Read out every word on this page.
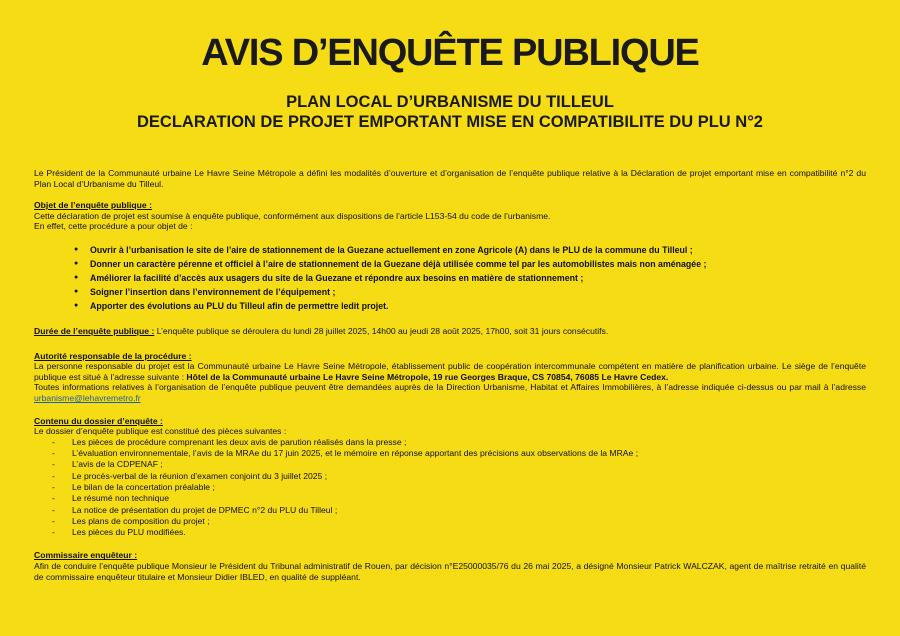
AVIS D’ENQUÊTE PUBLIQUE
PLAN LOCAL D’URBANISME DU TILLEUL
DECLARATION DE PROJET EMPORTANT MISE EN COMPATIBILITE DU PLU N°2

Le Président de la Communauté urbaine Le Havre Seine Métropole a défini les modalités d’ouverture et d’organisation de l’enquête publique relative à la Déclaration de projet emportant mise en compatibilité n°2 du Plan Local d’Urbanisme du Tilleul.

Objet de l’enquête publique :

Cette déclaration de projet est soumise à enquête publique, conformément aux dispositions de l’article L153-54 du code de l’urbanisme.

En effet, cette procédure a pour objet de :

● Ouvrir à l’urbanisation le site de l’aire de stationnement de la Guezane actuellement en zone Agricole (A) dans le PLU de la commune du Tilleul ;
● Donner un caractère pérenne et officiel à l’aire de stationnement de la Guezane déjà utilisée comme tel par les automobilistes mais non aménagée ;
● Améliorer la facilité d’accès aux usagers du site de la Guezane et répondre aux besoins en matière de stationnement ;
● Soigner l’insertion dans l’environnement de l’équipement ;
● Apporter des évolutions au PLU du Tilleul afin de permettre ledit projet.

Durée de l’enquête publique : L’enquête publique se déroulera du lundi 28 juillet 2025, 14h00 au jeudi 28 août 2025, 17h00, soit 31 jours consécutifs.

Autorité responsable de la procédure :

La personne responsable du projet est la Communauté urbaine Le Havre Seine Métropole, établissement public de coopération intercommunale compétent en matière de planification urbaine. Le siège de l’enquête publique est situé à l’adresse suivante : Hôtel de la Communauté urbaine Le Havre Seine Métropole, 19 rue Georges Braque, CS 70854, 76085 Le Havre Cedex.

Toutes informations relatives à l’organisation de l’enquête publique peuvent être demandées auprès de la Direction Urbanisme, Habitat et Affaires Immobilières, à l’adresse indiquée ci-dessus ou par mail à l’adresse urbanisme@lehavremetro.fr

Contenu du dossier d’enquête :

Le dossier d’enquête publique est constitué des pièces suivantes :

- Les pièces de procédure comprenant les deux avis de parution réalisés dans la presse ;
- L’évaluation environnementale, l’avis de la MRAe du 17 juin 2025, et le mémoire en réponse apportant des précisions aux observations de la MRAe ;
- L’avis de la CDPENAF ;
- Le procès-verbal de la réunion d’examen conjoint du 3 juillet 2025 ;
- Le bilan de la concertation préalable ;
- Le résumé non technique
- La notice de présentation du projet de DPMEC n°2 du PLU du Tilleul ;
- Les plans de composition du projet ;
- Les pièces du PLU modifiées.
Commissaire enquêteur :

Afin de conduire l’enquête publique Monsieur le Président du Tribunal administratif de Rouen, par décision n°E25000035/76 du 26 mai 2025, a désigné Monsieur Patrick WALCZAK, agent de maîtrise retraité en qualité de commissaire enquêteur titulaire et Monsieur Didier IBLED, en qualité de suppléant.
